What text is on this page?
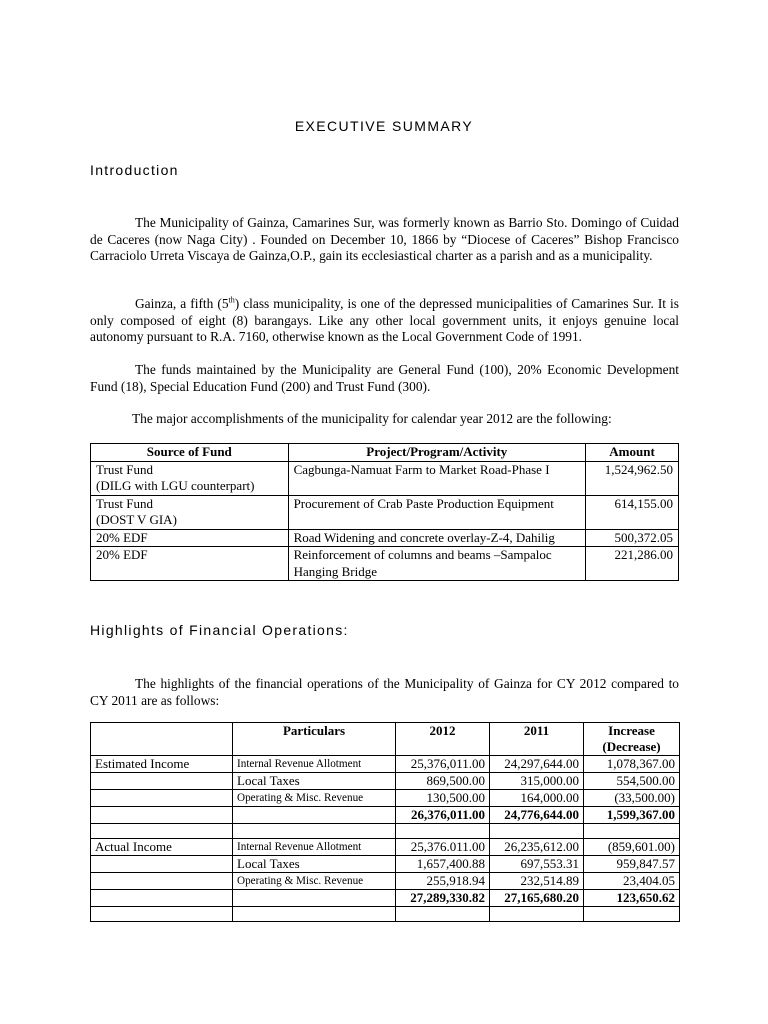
EXECUTIVE SUMMARY
Introduction
The Municipality of Gainza, Camarines Sur, was formerly known as Barrio Sto. Domingo of Cuidad de Caceres (now Naga City) . Founded on December 10, 1866 by “Diocese of Caceres” Bishop Francisco Carraciolo Urreta Viscaya de Gainza,O.P., gain its ecclesiastical charter as a parish and as a municipality.
Gainza, a fifth (5th) class municipality, is one of the depressed municipalities of Camarines Sur. It is only composed of eight (8) barangays. Like any other local government units, it enjoys genuine local autonomy pursuant to R.A. 7160, otherwise known as the Local Government Code of 1991.
The funds maintained by the Municipality are General Fund (100), 20% Economic Development Fund (18), Special Education Fund (200) and Trust Fund (300).
The major accomplishments of the municipality for calendar year 2012 are the following:
Source of Fund	Project/Program/Activity	Amount

Trust Fund
(DILG with LGU counterpart)	Cagbunga-Namuat Farm to Market Road-Phase I	1,524,962.50

Trust Fund
(DOST V GIA)	Procurement of Crab Paste Production Equipment	614,155.00
20% EDF	Road Widening and concrete overlay-Z-4, Dahilig	500,372.05
20% EDF	Reinforcement of columns and beams –Sampaloc
Hanging Bridge	221,286.00
Highlights of Financial Operations:
The highlights of the financial operations of the Municipality of Gainza for CY 2012 compared to CY 2011 are as follows:
	Particulars	2012	2011	Increase
(Decrease)

Estimated Income	Internal Revenue Allotment	25,376,011.00	24,297,644.00	1,078,367.00
	Local Taxes	869,500.00	315,000.00	554,500.00
	Operating & Misc. Revenue	130,500.00	164,000.00	(33,500.00)
		26,376,011.00	24,776,644.00	1,599,367.00

Actual Income	Internal Revenue Allotment	25,376.011.00	26,235,612.00	(859,601.00)
	Local Taxes	1,657,400.88	697,553.31	959,847.57
	Operating & Misc. Revenue	255,918.94	232,514.89	23,404.05
		27,289,330.82	27,165,680.20	123,650.62
